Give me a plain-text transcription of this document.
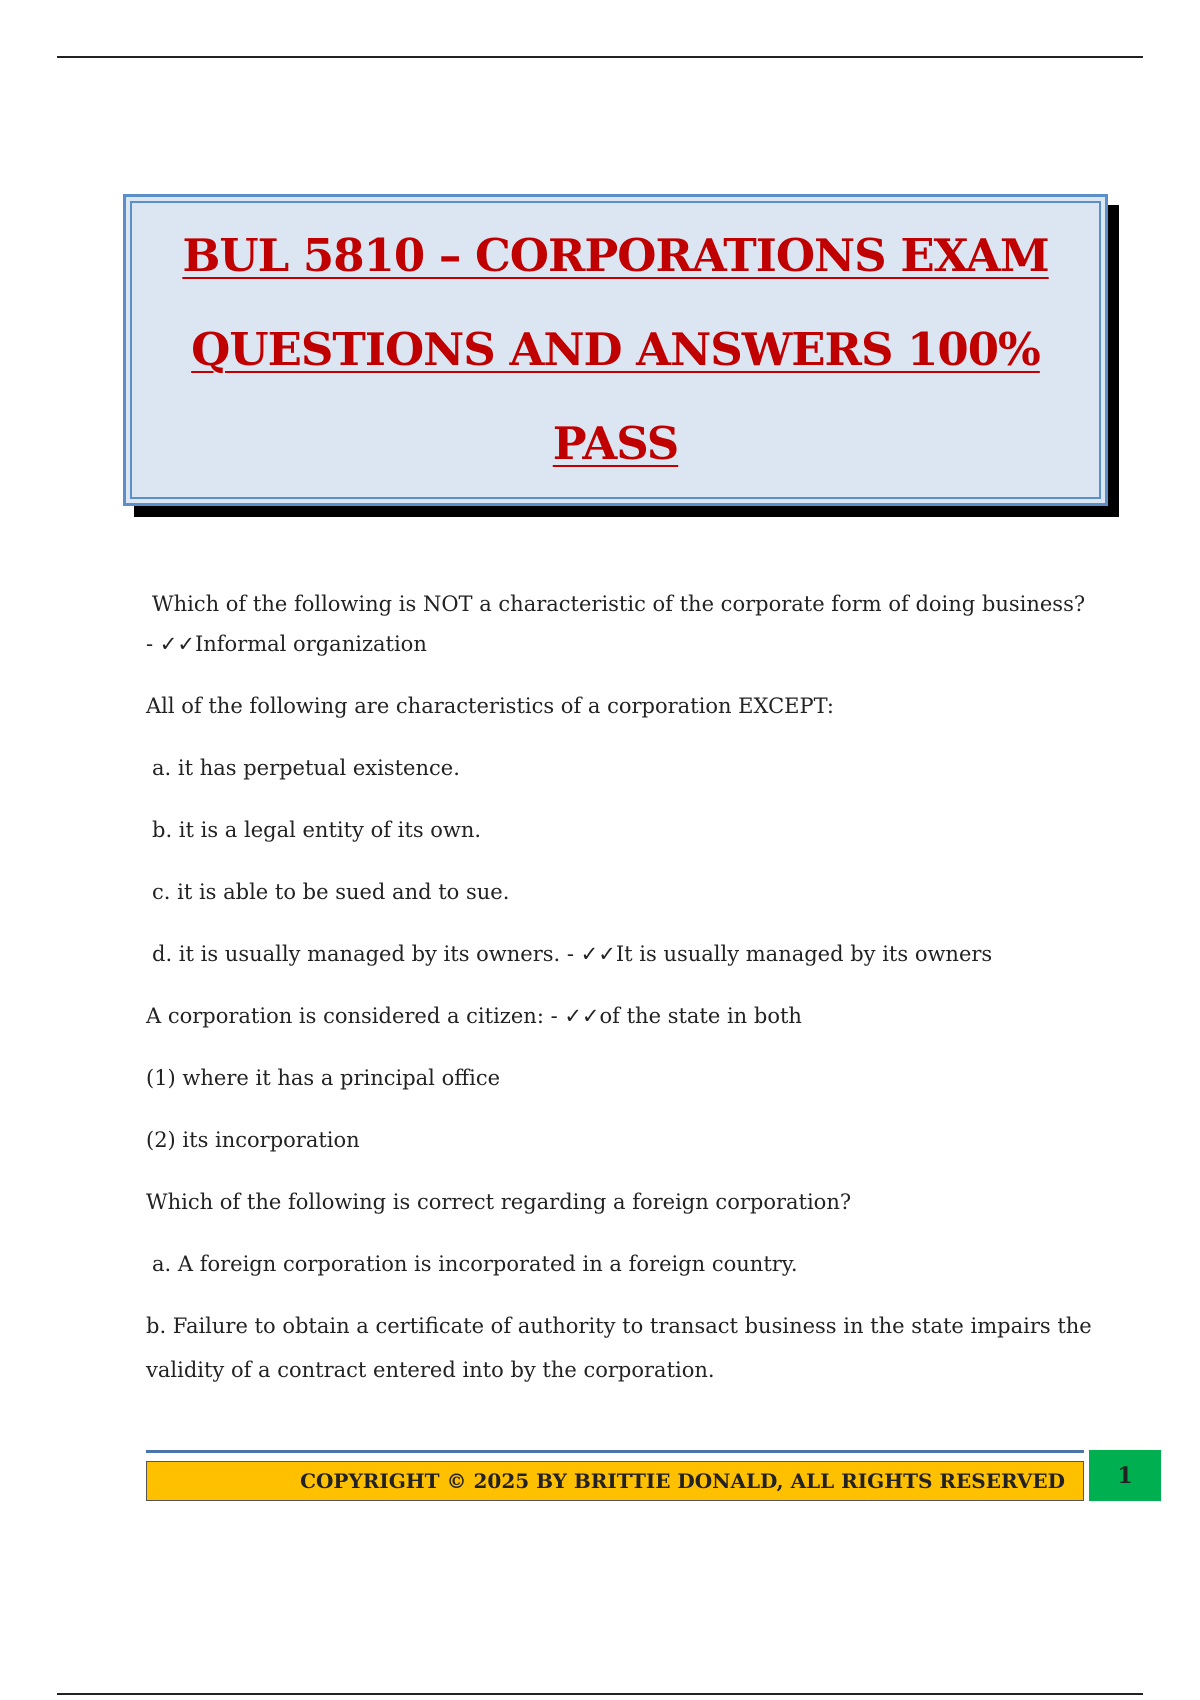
BUL 5810 – CORPORATIONS EXAM
QUESTIONS AND ANSWERS 100%
PASS

Which of the following is NOT a characteristic of the corporate form of doing business?

- ✓✓Informal organization

All of the following are characteristics of a corporation EXCEPT:

a. it has perpetual existence.

b. it is a legal entity of its own.

c. it is able to be sued and to sue.

d. it is usually managed by its owners. - ✓✓It is usually managed by its owners

A corporation is considered a citizen: - ✓✓of the state in both

(1) where it has a principal office

(2) its incorporation

Which of the following is correct regarding a foreign corporation?

a. A foreign corporation is incorporated in a foreign country.

b. Failure to obtain a certificate of authority to transact business in the state impairs the validity of a contract entered into by the corporation.

COPYRIGHT © 2025 BY BRITTIE DONALD, ALL RIGHTS RESERVED 1
